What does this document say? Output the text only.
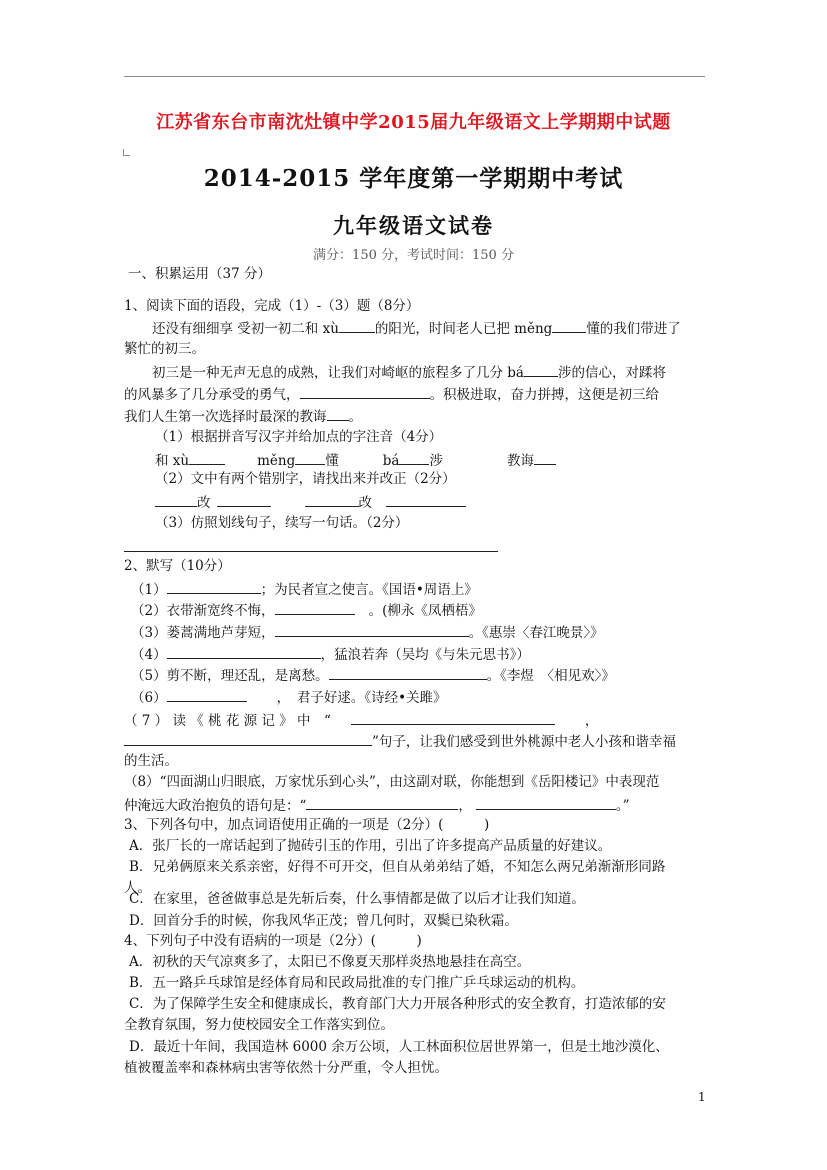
江苏省东台市南沈灶镇中学2015届九年级语文上学期期中试题
2014-2015 学年度第一学期期中考试
九年级语文试卷
满分：150 分，考试时间：150 分
一、积累运用（37 分）
1、阅读下面的语段，完成（1）-（3）题（8分）
还没有细细享 受初一初二和 xù	的阳光，时间老人已把 měng	懂的我们带进了
繁忙的初三。
初三是一种无声无息的成熟，让我们对崎岖的旅程多了几分 bá	涉的信心，对蹂将
的风暴多了几分承受的勇气，	。积极进取，奋力拼搏，这便是初三给
我们人生第一次选择时最深的教诲 。
（1）根据拼音写汉字并给加点的字注音（4分）
和 xù	měng 懂	bá 涉	教诲
（2）文中有两个错别字，请找出来并改正（2分）
改	改
（3）仿照划线句子，续写一句话。（2分）
2、默写（10分）
（1）	；为民者宣之使言。《国语•周语上》
（2）衣带渐宽终不悔，	。(柳永《凤栖梧》
（3）蒌蒿满地芦芽短，	。《惠崇〈春江晚景〉》
（4）	，猛浪若奔（吴均《与朱元思书》）
（5）剪不断，理还乱，是离愁。	。《李煜　〈相见欢〉》
（6）	，　君子好逑。《诗经•关雎》
（ 7 ） 读 《 桃 花 源 记 》 中　“	，
”句子，让我们感受到世外桃源中老人小孩和谐幸福
的生活。
（8）“四面湖山归眼底，万家忧乐到心头”，由这副对联，你能想到《岳阳楼记》中表现范
仲淹远大政治抱负的语句是：“	，	。”
3、下列各句中，加点词语使用正确的一项是（2分）(　　　)
A．张厂长的一席话起到了抛砖引玉的作用，引出了许多提高产品质量的好建议。
B．兄弟俩原来关系亲密，好得不可开交，但自从弟弟结了婚，不知怎么两兄弟渐渐形同路
人。
C．在家里，爸爸做事总是先斩后奏，什么事情都是做了以后才让我们知道。
D．回首分手的时候，你我风华正茂；曾几何时，双鬓已染秋霜。
4、下列句子中没有语病的一项是（2分）(　　　)
A．初秋的天气凉爽多了，太阳已不像夏天那样炎热地悬挂在高空。
B．五一路乒乓球馆是经体育局和民政局批准的专门推广乒乓球运动的机构。
C．为了保障学生安全和健康成长，教育部门大力开展各种形式的安全教育，打造浓郁的安
全教育氛围，努力使校园安全工作落实到位。
D．最近十年间，我国造林 6000 余万公顷，人工林面积位居世界第一，但是土地沙漠化、
植被覆盖率和森林病虫害等依然十分严重，令人担忧。
1
